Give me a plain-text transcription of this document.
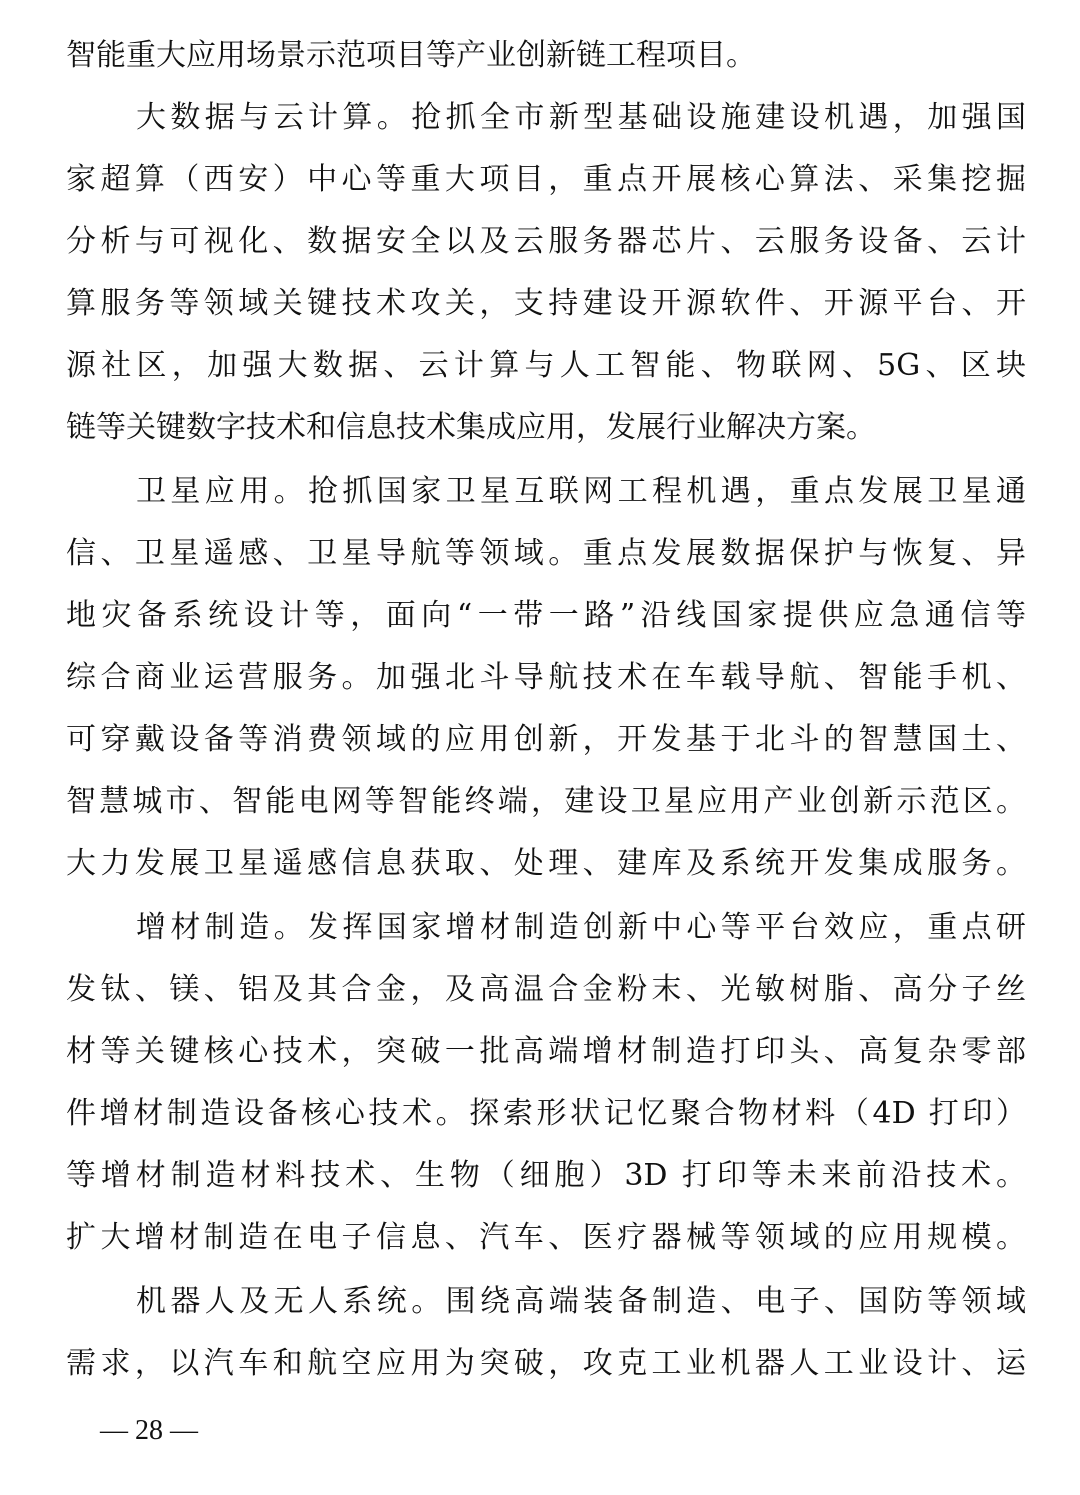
智能重大应用场景示范项目等产业创新链工程项目。
大数据与云计算。抢抓全市新型基础设施建设机遇，加强国
家超算（西安）中心等重大项目，重点开展核心算法、采集挖掘
分析与可视化、数据安全以及云服务器芯片、云服务设备、云计
算服务等领域关键技术攻关，支持建设开源软件、开源平台、开
源社区，加强大数据、云计算与人工智能、物联网、5G、区块
链等关键数字技术和信息技术集成应用，发展行业解决方案。
卫星应用。抢抓国家卫星互联网工程机遇，重点发展卫星通
信、卫星遥感、卫星导航等领域。重点发展数据保护与恢复、异
地灾备系统设计等，面向“一带一路”沿线国家提供应急通信等
综合商业运营服务。加强北斗导航技术在车载导航、智能手机、
可穿戴设备等消费领域的应用创新，开发基于北斗的智慧国土、
智慧城市、智能电网等智能终端，建设卫星应用产业创新示范区。
大力发展卫星遥感信息获取、处理、建库及系统开发集成服务。
增材制造。发挥国家增材制造创新中心等平台效应，重点研
发钛、镁、铝及其合金，及高温合金粉末、光敏树脂、高分子丝
材等关键核心技术，突破一批高端增材制造打印头、高复杂零部
件增材制造设备核心技术。探索形状记忆聚合物材料（4D 打印）
等增材制造材料技术、生物（细胞）3D 打印等未来前沿技术。
扩大增材制造在电子信息、汽车、医疗器械等领域的应用规模。
机器人及无人系统。围绕高端装备制造、电子、国防等领域
需求，以汽车和航空应用为突破，攻克工业机器人工业设计、运
— 28 —
